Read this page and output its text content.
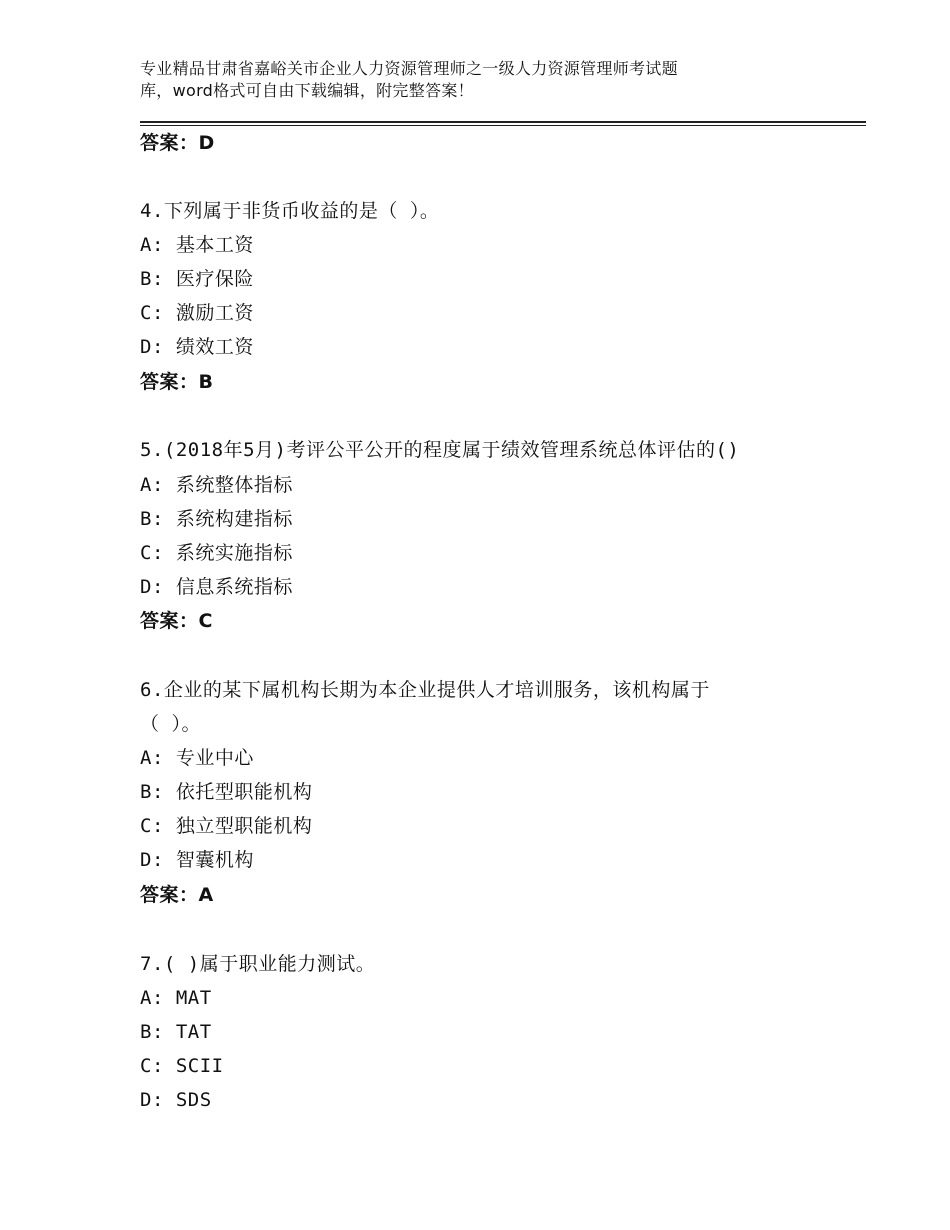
专业精品甘肃省嘉峪关市企业人力资源管理师之一级人力资源管理师考试题
库，word格式可自由下载编辑，附完整答案！
答案：D
4.下列属于非货币收益的是（ ）。
A: 基本工资
B: 医疗保险
C: 激励工资
D: 绩效工资
答案：B
5.(2018年5月)考评公平公开的程度属于绩效管理系统总体评估的()
A: 系统整体指标
B: 系统构建指标
C: 系统实施指标
D: 信息系统指标
答案：C
6.企业的某下属机构长期为本企业提供人才培训服务，该机构属于
（ ）。
A: 专业中心
B: 依托型职能机构
C: 独立型职能机构
D: 智囊机构
答案：A
7.( )属于职业能力测试。
A: MAT
B: TAT
C: SCII
D: SDS
